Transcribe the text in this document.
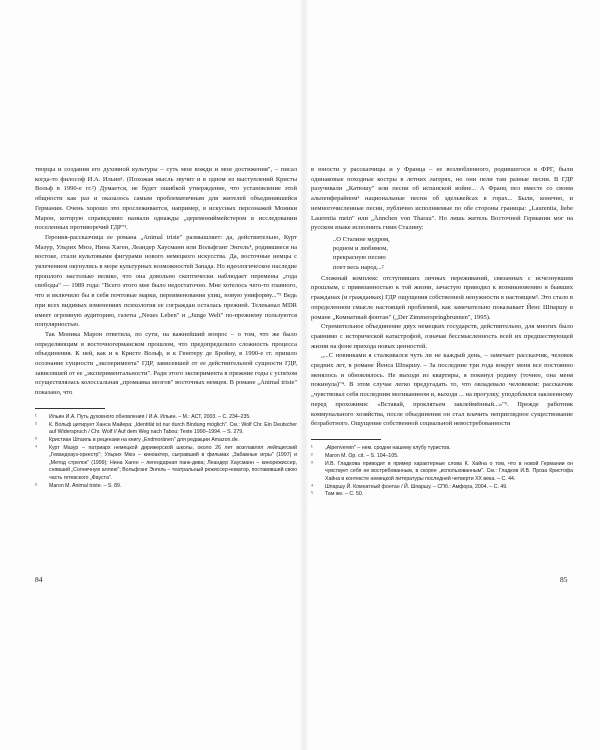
творцы и создания его духовной культуры – суть мои вожди и мои достижения", – писал когда-то философ И.А. Ильин¹. (Похожая мысль звучит и в одном из выступлений Кристы Вольф в 1990-е гг.²) Думается, не будет ошибкой утверждение, что установление этой общности как раз и оказалось самым проблематичным для жителей объединившейся Германии. Очень хорошо это прослеживается, например, в искусных персонажей Моники Марон, которую справедливо назвали однажды „церемониймейстером в исследовании поселенных противоречий ГДР"³.

Героиня-рассказчица ее романа „Animal triste" размышляет: да, действительно, Курт Мазур, Ульрих Мюэ, Нина Хаген, Леандер Хаусманн или Вольфганг Энгель⁴, родившиеся на востоке, стали культовыми фигурами нового немецкого искусства. Да, восточные немцы с увлечением окунулись в море культурных возможностей Запада. Но идеологическое наследие прошлого настолько велико, что она довольно скептически наблюдает перемены „года свободы" — 1989 года: "Всего этого мне было недостаточно. Мне хотелось чего-то главного, что и включило бы в себя почтовые марки, переименования улиц, новую униформу..."⁵ Ведь при всех видимых изменениях психология ее сограждан осталась прежней. Телеканал MDR имеет огромную аудиторию, газеты „Neues Leben" и „Junge Welt" по-прежнему пользуются популярностью.

Так Моника Марон ответила, по сути, на важнейший вопрос – о том, что же было определяющим в восточногерманском прошлом, что предопределило сложность процесса объединения. К ней, как и к Кристе Вольф, и к Гюнтеру де Бройну, в 1990-е гг. пришло осознание сущности „эксперимента" ГДР, зависевшей от ее действительной сущности ГДР, зависевшей от ее „экспериментальности". Ради этого эксперимента в прежние годы с успехом осуществлялась колоссальная „промывка мозгов" восточных немцев. В романе „Animal triste" показано, что

¹	Ильин И.А. Путь духовного обновления / И.А. Ильин. – М.: АСТ, 2003. – С. 234–235.
²	К. Вольф цитирует Ханса Майера: „Identität ist nur durch Bindung möglich". См.: Wolf Chr. Ein Deutscher auf Widerspruch / Chr. Wolf // Auf dem Weg nach Tabou: Texte 1990–1994. – S. 279.
³	Кристиан Штаиль в рецензии на книгу „Endmoränen" для редакции Amazon.de.
⁴	Курт Мазур – патриарх немецкой дирижерской школы, около 26 лет возглавлял лейпцигский „Гевандхауз-оркестр"; Ульрих Мюэ – киноактер, сыгравший в фильмах „Забавные игры" (1997) и „Метод стрелок" (1999); Нина Хаген – легендарная панк-дива; Леандер Хаусманн – кинорежиссер, снявший „Солнечную аллею"; Вольфганг Энгель – театральный режиссер-новатор, поставивший свою часть гетевского „Фауста".
⁵	Maron M. Animal triste. – S. 89.

в юности у рассказчицы и у Франца – ее возлюбленного, родившегося в ФРГ, были одинаковые походные костры в летних лагерях, но они пели там разные песни. В ГДР разучивали „Катюшу" или песни об испанской войне... А Франц пел вместе со своим альпенферайном¹ национальные песни об эдельвейсах в горах... Были, конечно, и немногочисленные песни, публично исполняемые по обе стороны границы: „Laurentia, liebe Laurentia mein" или „Ännchen von Tharau". Но лишь житель Восточной Германии мог на русском языке исполнить гимн Сталину:

..О Сталине мудром,
родном и любимом,
прекрасную песню
поет весь народ...²

Сложный комплекс отступивших личных переживаний, связанных с исчезнувшим прошлым, с привязанностью к той жизни, зачастую приводил к возникновению в бывших гражданах (и гражданках) ГДР ощущения собственной ненужности в настоящем³. Это стало в определенном смысле настоящей проблемой, как замечательно показывает Йенс Шпаршу в романе „Комнатный фонтан" („Der Zimmerspringbrunnen", 1995).

Стремительное объединение двух немецких государств, действительно, для многих было сравнимо с исторической катастрофой, означая бессмысленность всей их предшествующей жизни на фоне прихода новых ценностей.

„...С новинками я сталкивался чуть ли не каждый день, – замечает рассказчик, человек средних лет, в романе Йенса Шпаршу. – За последние три года вокруг меня все постоянно менялось и обновлялось. Не выходя из квартиры, я покинул родину (точнее, она меня покинула)"⁴. В этом случае легко предугадать то, что овладевало человеком: рассказчик „чувствовал себя последним могиканином и, выходя ... на прогулку, уподоблялся заклеенному перед прохожими: «Вставай, проклятьем заклеймённый...»"⁵. Прежде работник коммунального хозяйства, после объединения он стал влачить неприглядное существование безработного. Ощущение собственной социальной невостребованности

¹	„Alpenverein" – нем. сродни нашему клубу туристов.
²	Maron M. Op. cit. – S. 104–105.
³	И.В. Гладкова приводит в пример характерные слова К. Хайна о том, что в новой Германии он чувствует себя не востребованным, в скорее „использованным". См.: Гладков И.В. Проза Кристофа Хайна в контексте немецкой литературы последней четверти XX века. – С. 44.
⁴	Шпаршу Й. Комнатный фонтан / Й. Шпаршу. – СПб.: Амфора, 2004. – С. 49.
⁵	Там же. – С. 50.
84	85
